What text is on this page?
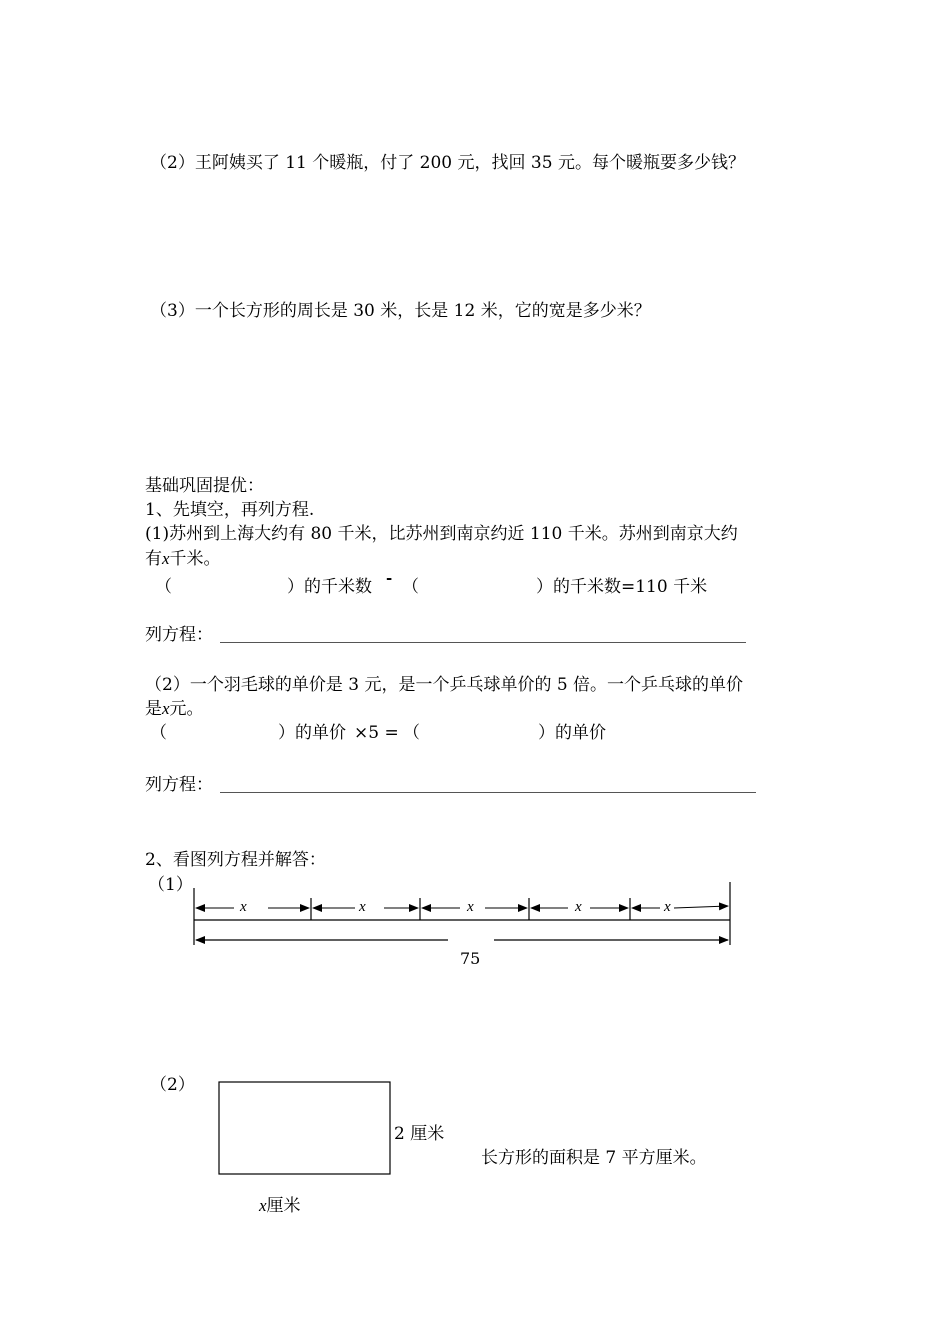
（2）王阿姨买了 11 个暖瓶，付了 200 元，找回 35 元。每个暖瓶要多少钱？
（3）一个长方形的周长是 30 米，长是 12 米，它的宽是多少米？
基础巩固提优：
1、先填空，再列方程.
(1)苏州到上海大约有 80 千米，比苏州到南京约近 110 千米。苏州到南京大约
有x千米。
（	）的千米数 - （	）的千米数=110 千米
列方程：
（2）一个羽毛球的单价是 3 元，是一个乒乓球单价的 5 倍。一个乒乓球的单价
是x元。
（	）的单价 ×5 = （	）的单价
列方程：
2、看图列方程并解答：
（1）
x	x	x	x	x
75
（2）
2 厘米
长方形的面积是 7 平方厘米。
x厘米
